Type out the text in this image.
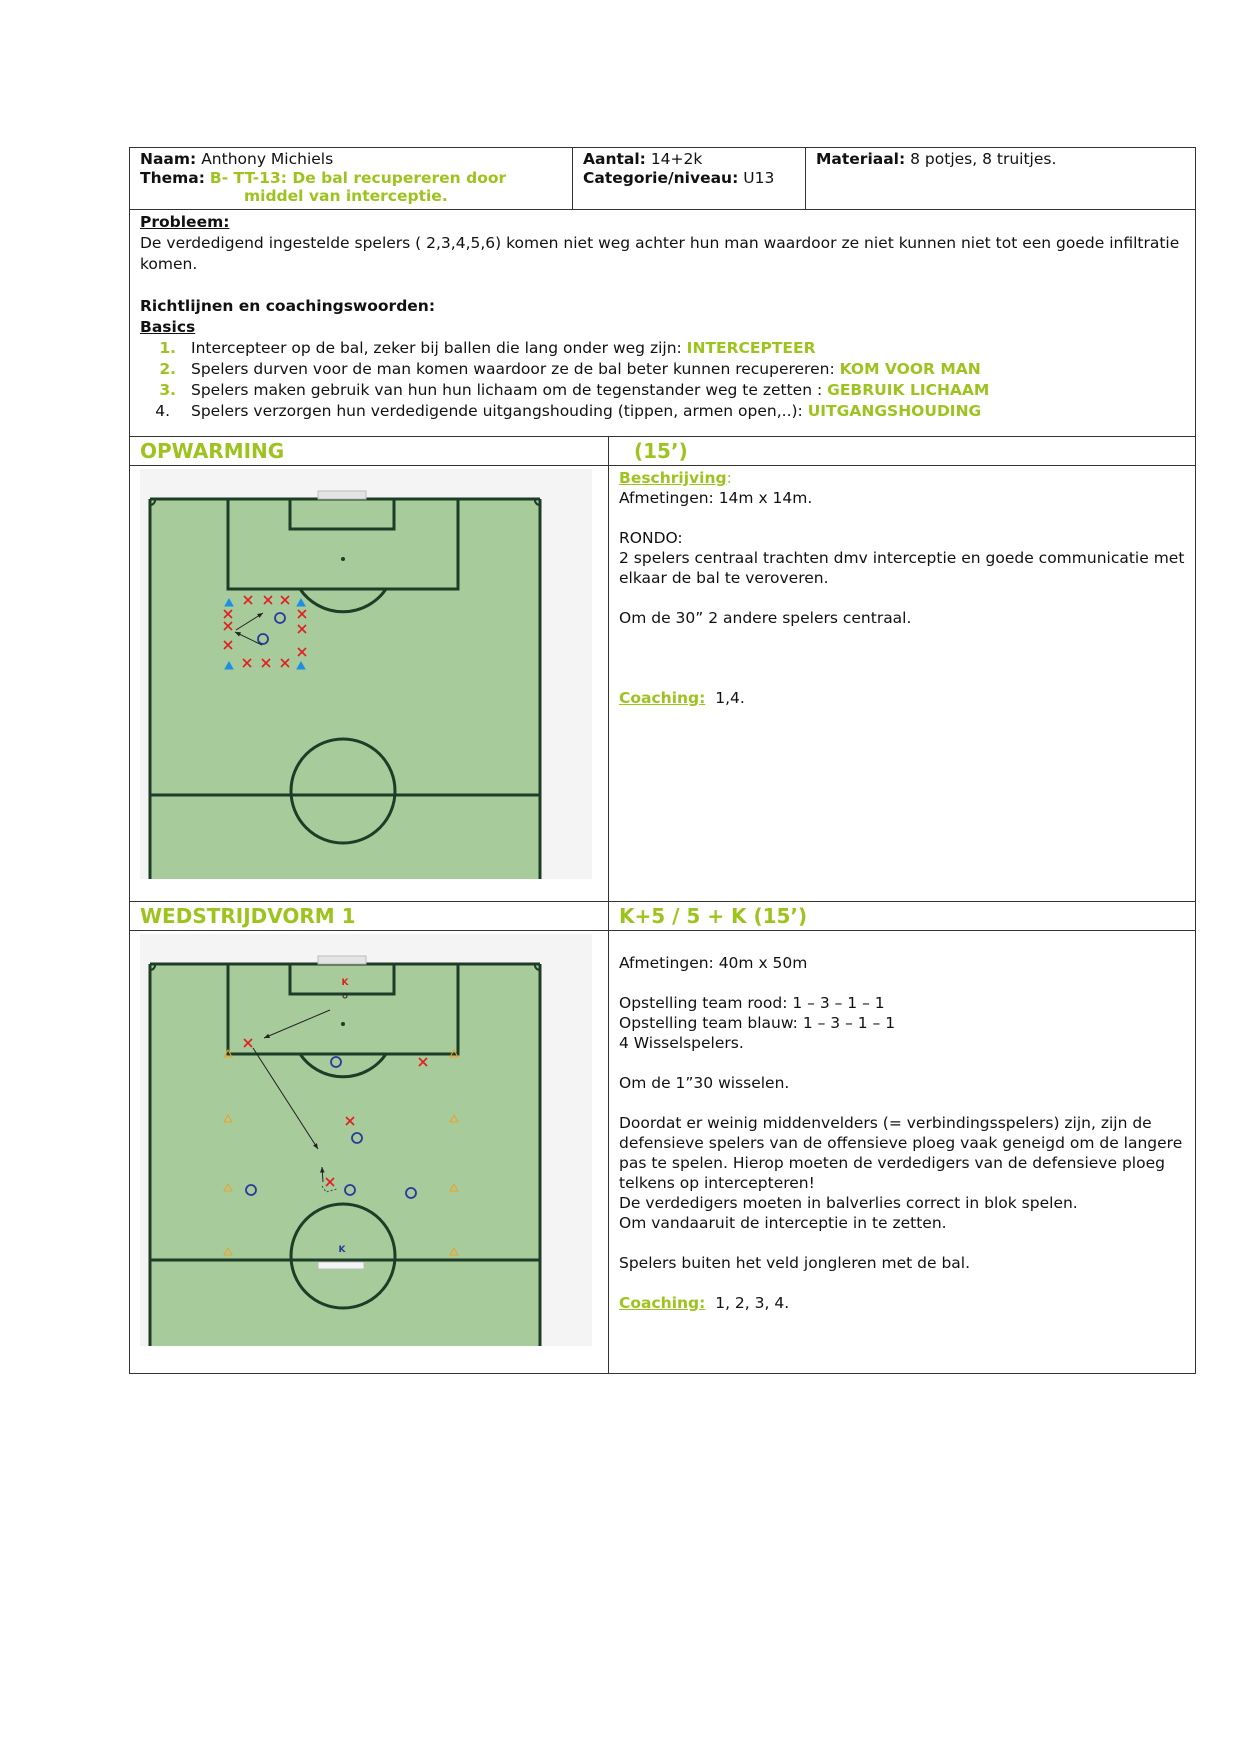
Naam: Anthony Michiels
Thema: B- TT-13: De bal recupereren door
middel van interceptie.
Aantal: 14+2k
Categorie/niveau: U13
Materiaal: 8 potjes, 8 truitjes.
Probleem:
De verdedigend ingestelde spelers ( 2,3,4,5,6) komen niet weg achter hun man waardoor ze niet kunnen niet tot een goede infiltratie komen.
Richtlijnen en coachingswoorden:
Basics
1. Intercepteer op de bal, zeker bij ballen die lang onder weg zijn: INTERCEPTEER
2. Spelers durven voor de man komen waardoor ze de bal beter kunnen recupereren: KOM VOOR MAN
3. Spelers maken gebruik van hun hun lichaam om de tegenstander weg te zetten : GEBRUIK LICHAAM
4.	Spelers verzorgen hun verdedigende uitgangshouding (tippen, armen open,..): UITGANGSHOUDING
OPWARMING	(15’)

Beschrijving:

Afmetingen: 14m x 14m.

RONDO:

2 spelers centraal trachten dmv interceptie en goede communicatie met elkaar de bal te veroveren.

Om de 30” 2 andere spelers centraal.

Coaching: 1,4.

WEDSTRIJDVORM 1	K+5 / 5 + K (15’)
K
K

Afmetingen: 40m x 50m

Opstelling team rood: 1 – 3 – 1 – 1

Opstelling team blauw: 1 – 3 – 1 – 1

4 Wisselspelers.

Om de 1”30 wisselen.

Doordat er weinig middenvelders (= verbindingsspelers) zijn, zijn de defensieve spelers van de offensieve ploeg vaak geneigd om de langere pas te spelen. Hierop moeten de verdedigers van de defensieve ploeg telkens op intercepteren!

De verdedigers moeten in balverlies correct in blok spelen.

Om vandaaruit de interceptie in te zetten.

Spelers buiten het veld jongleren met de bal.

Coaching: 1, 2, 3, 4.
